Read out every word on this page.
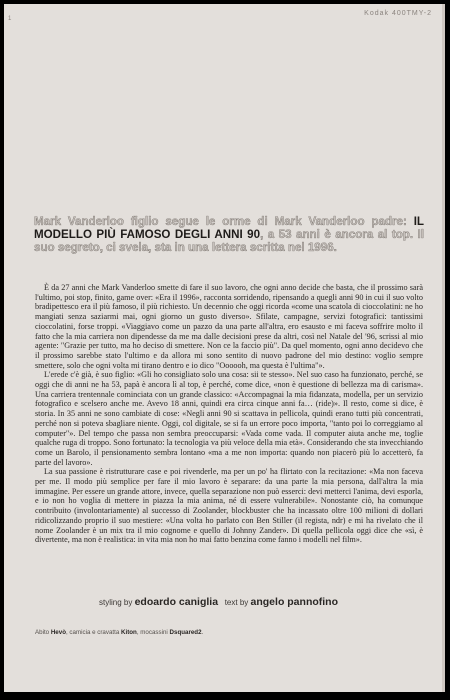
1
Kodak 400TMY-2
Mark Vanderloo figlio segue le orme di Mark Vanderloo padre: IL MODELLO PIÙ FAMOSO DEGLI ANNI 90, a 53 anni è ancora al top. Il suo segreto, ci svela, sta in una lettera scritta nel 1996.

È da 27 anni che Mark Vanderloo smette di fare il suo lavoro, che ogni anno decide che basta, che il prossimo sarà l'ultimo, poi stop, finito, game over: «Era il 1996», racconta sorridendo, ripensando a quegli anni 90 in cui il suo volto bradipettesco era il più famoso, il più richiesto. Un decennio che oggi ricorda «come una scatola di cioccolatini: ne ho mangiati senza saziarmi mai, ogni giorno un gusto diverso». Sfilate, campagne, servizi fotografici: tantissimi cioccolatini, forse troppi. «Viaggiavo come un pazzo da una parte all'altra, ero esausto e mi faceva soffrire molto il fatto che la mia carriera non dipendesse da me ma dalle decisioni prese da altri, così nel Natale del '96, scrissi al mio agente: "Grazie per tutto, ma ho deciso di smettere. Non ce la faccio più". Da quel momento, ogni anno decidevo che il prossimo sarebbe stato l'ultimo e da allora mi sono sentito di nuovo padrone del mio destino: voglio sempre smettere, solo che ogni volta mi tirano dentro e io dico "Oooooh, ma questa è l'ultima"».

L'erede c'è già, è suo figlio: «Gli ho consigliato solo una cosa: sii te stesso». Nel suo caso ha funzionato, perché, se oggi che di anni ne ha 53, papà è ancora lì al top, è perché, come dice, «non è questione di bellezza ma di carisma». Una carriera trentennale cominciata con un grande classico: «Accompagnai la mia fidanzata, modella, per un servizio fotografico e scelsero anche me. Avevo 18 anni, quindi era circa cinque anni fa… (ride)». Il resto, come si dice, è storia. In 35 anni ne sono cambiate di cose: «Negli anni 90 si scattava in pellicola, quindi erano tutti più concentrati, perché non si poteva sbagliare niente. Oggi, col digitale, se si fa un errore poco importa, "tanto poi lo correggiamo al computer"». Del tempo che passa non sembra preoccuparsi: «Vada come vada. Il computer aiuta anche me, toglie qualche ruga di troppo. Sono fortunato: la tecnologia va più veloce della mia età». Considerando che sta invecchiando come un Barolo, il pensionamento sembra lontano «ma a me non importa: quando non piacerò più lo accetterò, fa parte del lavoro».

La sua passione è ristrutturare case e poi rivenderle, ma per un po' ha flirtato con la recitazione: «Ma non faceva per me. Il modo più semplice per fare il mio lavoro è separare: da una parte la mia persona, dall'altra la mia immagine. Per essere un grande attore, invece, quella separazione non può esserci: devi metterci l'anima, devi esporla, e io non ho voglia di mettere in piazza la mia anima, né di essere vulnerabile». Nonostante ciò, ha comunque contribuito (involontariamente) al successo di Zoolander, blockbuster che ha incassato oltre 100 milioni di dollari ridicolizzando proprio il suo mestiere: «Una volta ho parlato con Ben Stiller (il regista, ndr) e mi ha rivelato che il nome Zoolander è un mix tra il mio cognome e quello di Johnny Zander». Di quella pellicola oggi dice che «sì, è divertente, ma non è realistica: in vita mia non ho mai fatto benzina come fanno i modelli nel film».

styling by edoardo caniglia text by angelo pannofino
Abito Hevò, camicia e cravatta Kiton, mocassini Dsquared2.
